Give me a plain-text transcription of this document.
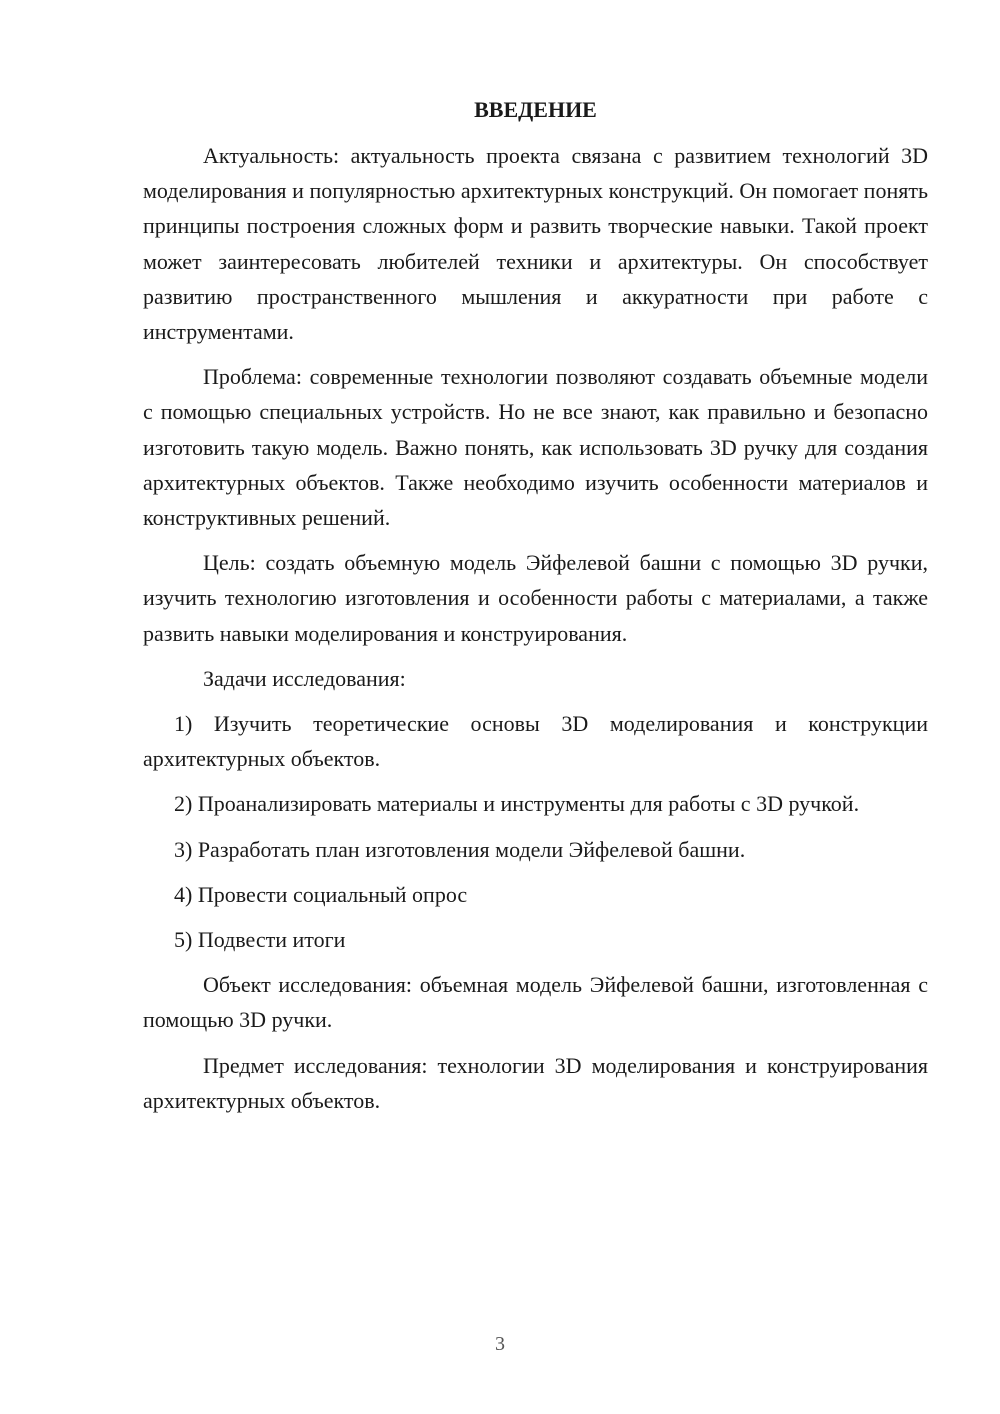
ВВЕДЕНИЕ

Актуальность: актуальность проекта связана с развитием технологий 3D моделирования и популярностью архитектурных конструкций. Он помогает понять принципы построения сложных форм и развить творческие навыки. Такой проект может заинтересовать любителей техники и архитектуры. Он способствует развитию пространственного мышления и аккуратности при работе с инструментами.

Проблема: современные технологии позволяют создавать объемные модели с помощью специальных устройств. Но не все знают, как правильно и безопасно изготовить такую модель. Важно понять, как использовать 3D ручку для создания архитектурных объектов. Также необходимо изучить особенности материалов и конструктивных решений.

Цель: создать объемную модель Эйфелевой башни с помощью 3D ручки, изучить технологию изготовления и особенности работы с материалами, а также развить навыки моделирования и конструирования.

Задачи исследования:

1) Изучить теоретические основы 3D моделирования и конструкции архитектурных объектов.

2) Проанализировать материалы и инструменты для работы с 3D ручкой.

3) Разработать план изготовления модели Эйфелевой башни.

4) Провести социальный опрос

5) Подвести итоги

Объект исследования: объемная модель Эйфелевой башни, изготовленная с помощью 3D ручки.

Предмет исследования: технологии 3D моделирования и конструирования архитектурных объектов.

3
